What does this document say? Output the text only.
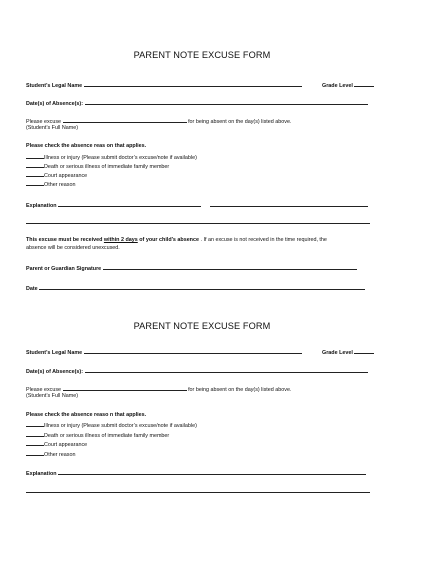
PARENT NOTE EXCUSE FORM
Student’s Legal Name	Grade Level
Date(s) of Absence(s):
Please excuse	for being absent on the day(s) listed above.
(Student’s Full Name)
Please check the absence reas on that applies.
Illness or injury (Please submit doctor’s excuse/note if available)
Death or serious illness of immediate family member
Court appearance
Other reason
Explanation
This excuse must be received within 2 days of your child’s absence . If an excuse is not received in the time required, the
absence will be considered unexcused.
Parent or Guardian Signature
Date
PARENT NOTE EXCUSE FORM
Student’s Legal Name	Grade Level
Date(s) of Absence(s):
Please excuse	for being absent on the day(s) listed above.
(Student’s Full Name)
Please check the absence reaso n that applies.
Illness or injury (Please submit doctor’s excuse/note if available)
Death or serious illness of immediate family member
Court appearance
Other reason
Explanation
